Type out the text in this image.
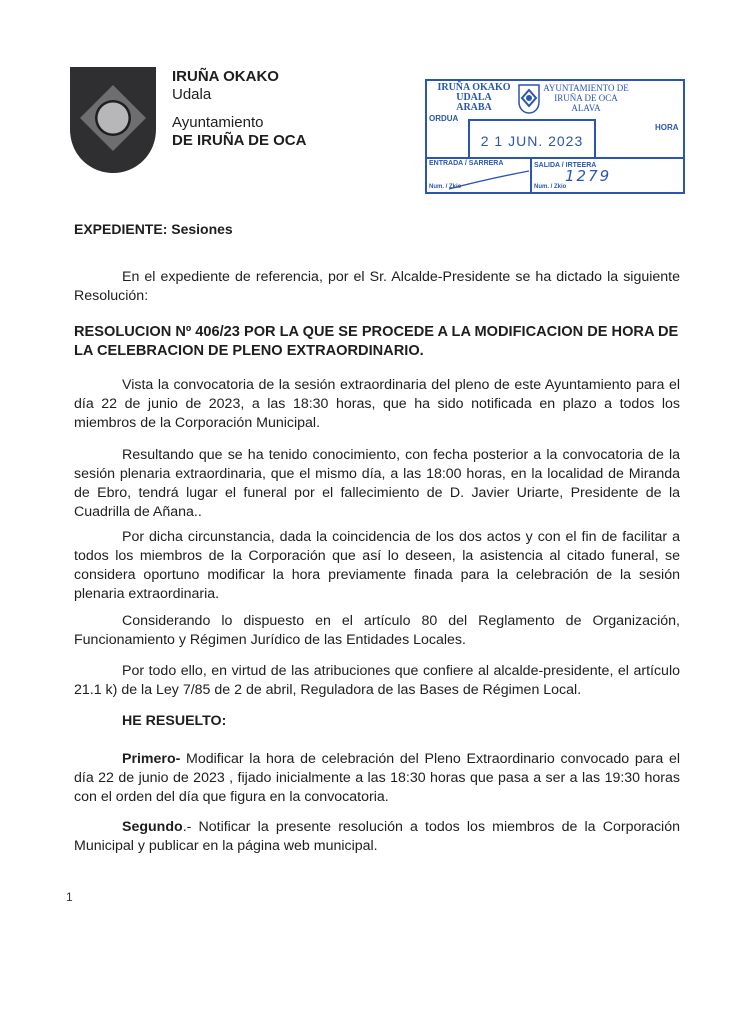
IRUÑA OKAKO
Udala
Ayuntamiento
DE IRUÑA DE OCA
IRUÑA OKAKO
UDALA
ARABA
AYUNTAMIENTO DE
IRUÑA DE OCA
ALAVA
ORDUA
HORA
2 1 JUN. 2023
ENTRADA / SARRERA	SALIDA / IRTEERA
1279
Num. / Zkio	Num. / Zkio
EXPEDIENTE: Sesiones
En el expediente de referencia, por el Sr. Alcalde-Presidente se ha dictado la siguiente Resolución:
RESOLUCION Nº 406/23 POR LA QUE SE PROCEDE A LA MODIFICACION DE HORA DE LA CELEBRACION DE PLENO EXTRAORDINARIO.
Vista la convocatoria de la sesión extraordinaria del pleno de este Ayuntamiento para el día 22 de junio de 2023, a las 18:30 horas, que ha sido notificada en plazo a todos los miembros de la Corporación Municipal.
Resultando que se ha tenido conocimiento, con fecha posterior a la convocatoria de la sesión plenaria extraordinaria, que el mismo día, a las 18:00 horas, en la localidad de Miranda de Ebro, tendrá lugar el funeral por el fallecimiento de D. Javier Uriarte, Presidente de la Cuadrilla de Añana..
Por dicha circunstancia, dada la coincidencia de los dos actos y con el fin de facilitar a todos los miembros de la Corporación que así lo deseen, la asistencia al citado funeral, se considera oportuno modificar la hora previamente finada para la celebración de la sesión plenaria extraordinaria.
Considerando lo dispuesto en el artículo 80 del Reglamento de Organización, Funcionamiento y Régimen Jurídico de las Entidades Locales.
Por todo ello, en virtud de las atribuciones que confiere al alcalde-presidente, el artículo 21.1 k) de la Ley 7/85 de 2 de abril, Reguladora de las Bases de Régimen Local.
HE RESUELTO:
Primero- Modificar la hora de celebración del Pleno Extraordinario convocado para el día 22 de junio de 2023 , fijado inicialmente a las 18:30 horas que pasa a ser a las 19:30 horas con el orden del día que figura en la convocatoria.
Segundo.- Notificar la presente resolución a todos los miembros de la Corporación Municipal y publicar en la página web municipal.
1
